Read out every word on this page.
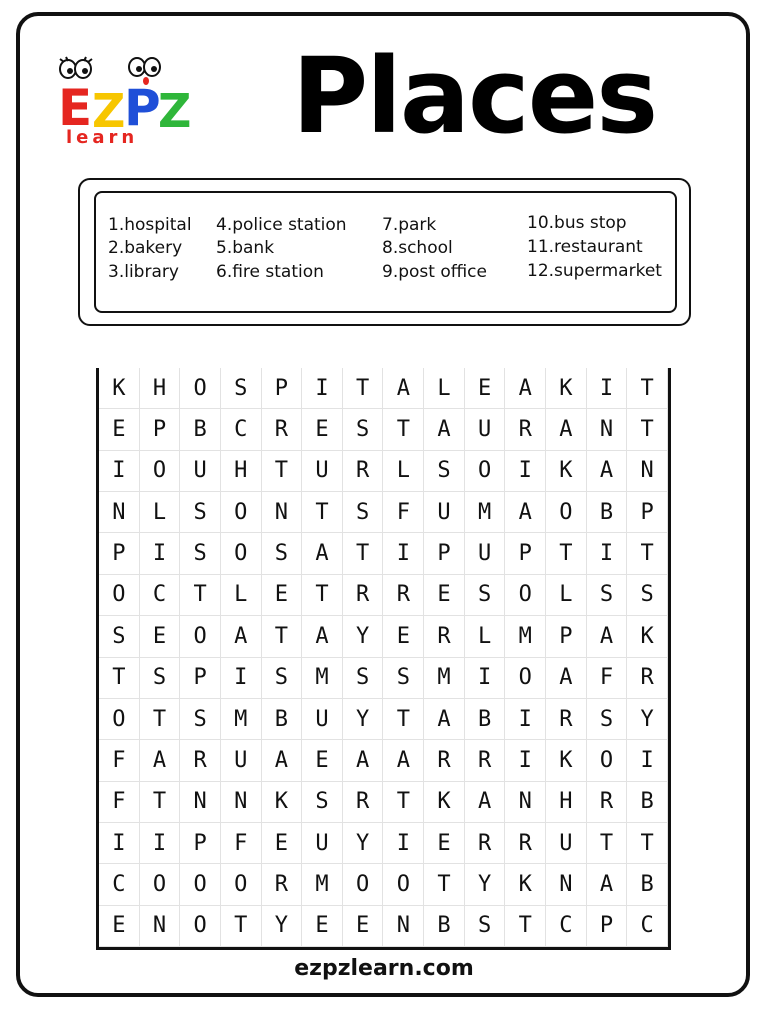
E Z
P
Z
learn Places
1.hospital
2.bakery
3.library
4.police station
5.bank
6.fire station
7.park
8.school
9.post office
10.bus stop
11.restaurant
12.supermarket
K	H	O	S	P	I	T	A	L	E	A	K	I	T
E	P	B	C	R	E	S	T	A	U	R	A	N	T
I	O	U	H	T	U	R	L	S	O	I	K	A	N
N	L	S	O	N	T	S	F	U	M	A	O	B	P
P	I	S	O	S	A	T	I	P	U	P	T	I	T
O	C	T	L	E	T	R	R	E	S	O	L	S	S
S	E	O	A	T	A	Y	E	R	L	M	P	A	K
T	S	P	I	S	M	S	S	M	I	O	A	F	R
O	T	S	M	B	U	Y	T	A	B	I	R	S	Y
F	A	R	U	A	E	A	A	R	R	I	K	O	I
F	T	N	N	K	S	R	T	K	A	N	H	R	B
I	I	P	F	E	U	Y	I	E	R	R	U	T	T
C	O	O	O	R	M	O	O	T	Y	K	N	A	B
E	N	O	T	Y	E	E	N	B	S	T	C	P	C
ezpzlearn.com
